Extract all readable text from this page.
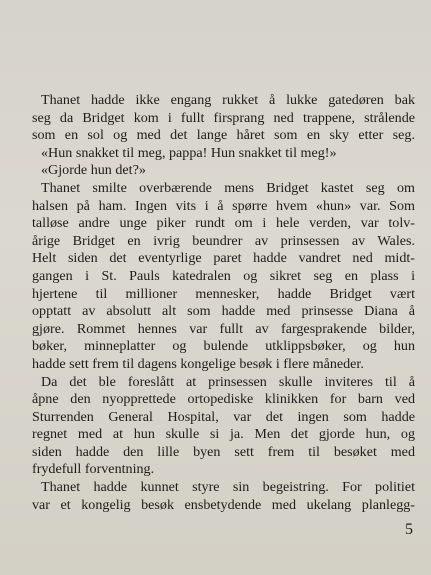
Thanet hadde ikke engang rukket å lukke gatedøren bak
seg da Bridget kom i fullt firsprang ned trappene, strålende
som en sol og med det lange håret som en sky etter seg.
«Hun snakket til meg, pappa! Hun snakket til meg!»
«Gjorde hun det?»
Thanet smilte overbærende mens Bridget kastet seg om
halsen på ham. Ingen vits i å spørre hvem «hun» var. Som
talløse andre unge piker rundt om i hele verden, var tolv-
årige Bridget en ivrig beundrer av prinsessen av Wales.
Helt siden det eventyrlige paret hadde vandret ned midt-
gangen i St. Pauls katedralen og sikret seg en plass i
hjertene til millioner mennesker, hadde Bridget vært
opptatt av absolutt alt som hadde med prinsesse Diana å
gjøre. Rommet hennes var fullt av fargesprakende bilder,
bøker, minneplatter og bulende utklippsbøker, og hun
hadde sett frem til dagens kongelige besøk i flere måneder.
Da det ble foreslått at prinsessen skulle inviteres til å
åpne den nyopprettede ortopediske klinikken for barn ved
Sturrenden General Hospital, var det ingen som hadde
regnet med at hun skulle si ja. Men det gjorde hun, og
siden hadde den lille byen sett frem til besøket med
frydefull forventning.
Thanet hadde kunnet styre sin begeistring. For politiet
var et kongelig besøk ensbetydende med ukelang planlegg-
5
